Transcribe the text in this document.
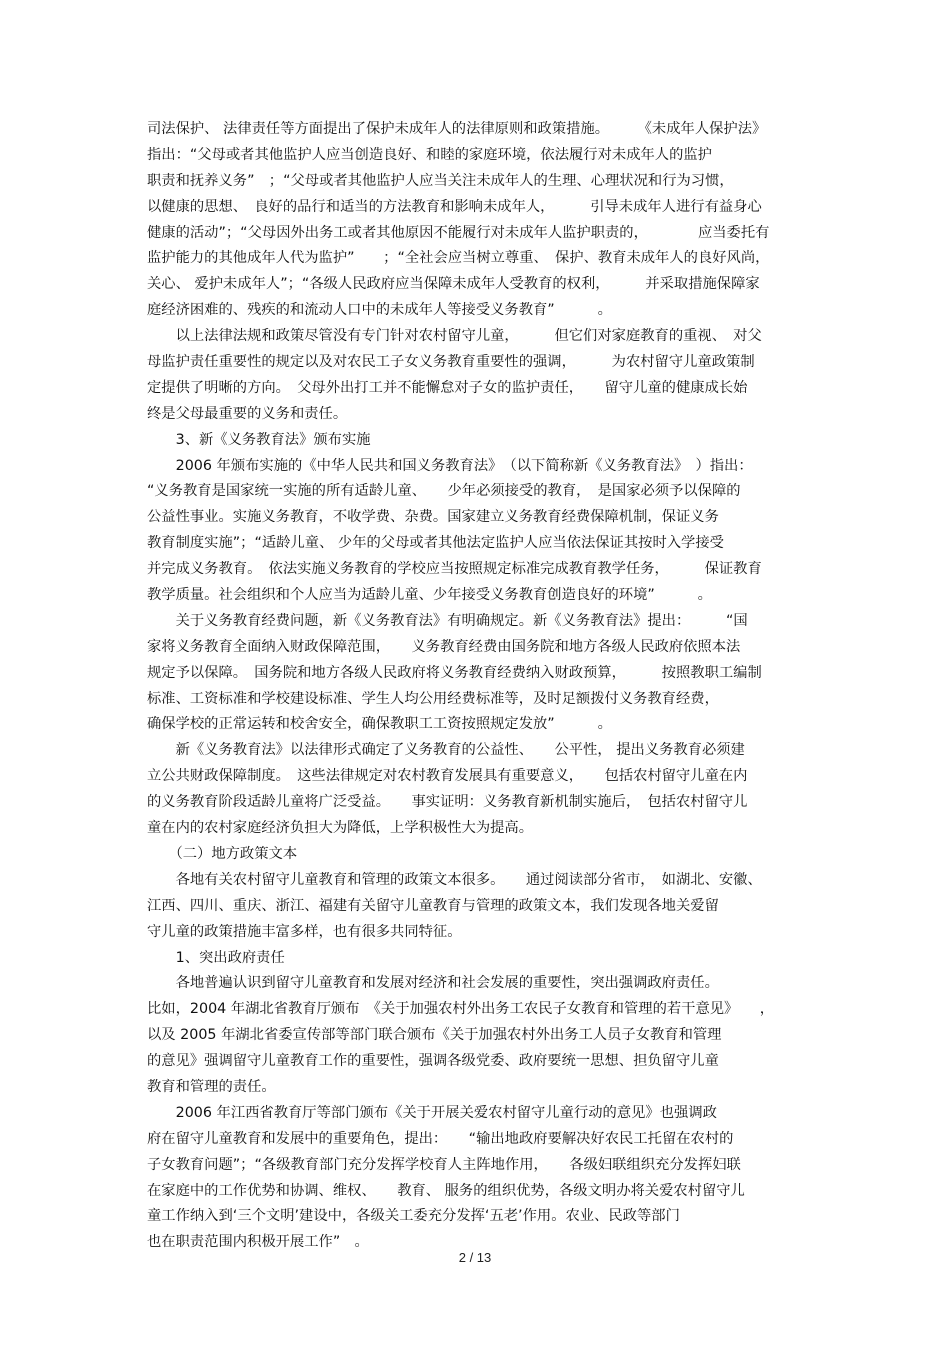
司法保护、 法律责任等方面提出了保护未成年人的法律原则和政策措施。　　　《未成年人保护法》
指出：“父母或者其他监护人应当创造良好、和睦的家庭环境，依法履行对未成年人的监护
职责和抚养义务”　；“父母或者其他监护人应当关注未成年人的生理、心理状况和行为习惯，
以健康的思想、　良好的品行和适当的方法教育和影响未成年人，　　　引导未成年人进行有益身心
健康的活动”；“父母因外出务工或者其他原因不能履行对未成年人监护职责的，　　　　应当委托有
监护能力的其他成年人代为监护”　　；“全社会应当树立尊重、　保护、教育未成年人的良好风尚，
关心、 爱护未成年人”；“各级人民政府应当保障未成年人受教育的权利，　　　并采取措施保障家
庭经济困难的、残疾的和流动人口中的未成年人等接受义务教育”　　　。
　　以上法律法规和政策尽管没有专门针对农村留守儿童，　　　但它们对家庭教育的重视、　对父
母监护责任重要性的规定以及对农民工子女义务教育重要性的强调，　　　为农村留守儿童政策制
定提供了明晰的方向。　父母外出打工并不能懈怠对子女的监护责任，　　留守儿童的健康成长始
终是父母最重要的义务和责任。
　　3、新《义务教育法》颁布实施
　　2006 年颁布实施的《中华人民共和国义务教育法》　（以下简称新《义务教育法》　）指出：
“义务教育是国家统一实施的所有适龄儿童、　　少年必须接受的教育，　是国家必须予以保障的
公益性事业。实施义务教育，不收学费、杂费。国家建立义务教育经费保障机制，保证义务
教育制度实施”；“适龄儿童、 少年的父母或者其他法定监护人应当依法保证其按时入学接受
并完成义务教育。　依法实施义务教育的学校应当按照规定标准完成教育教学任务，　　　保证教育
教学质量。社会组织和个人应当为适龄儿童、少年接受义务教育创造良好的环境”　　　。
　　关于义务教育经费问题，新《义务教育法》有明确规定。新《义务教育法》提出：　　　“国
家将义务教育全面纳入财政保障范围，　　义务教育经费由国务院和地方各级人民政府依照本法
规定予以保障。　国务院和地方各级人民政府将义务教育经费纳入财政预算，　　　按照教职工编制
标准、工资标准和学校建设标准、学生人均公用经费标准等，及时足额拨付义务教育经费，
确保学校的正常运转和校舍安全，确保教职工工资按照规定发放”　　　。
　　新《义务教育法》以法律形式确定了义务教育的公益性、　　公平性， 提出义务教育必须建
立公共财政保障制度。　这些法律规定对农村教育发展具有重要意义，　　包括农村留守儿童在内
的义务教育阶段适龄儿童将广泛受益。　　事实证明：义务教育新机制实施后，　包括农村留守儿
童在内的农村家庭经济负担大为降低，上学积极性大为提高。
　　（二）地方政策文本
　　各地有关农村留守儿童教育和管理的政策文本很多。　　通过阅读部分省市，　如湖北、安徽、
江西、四川、重庆、浙江、福建有关留守儿童教育与管理的政策文本，我们发现各地关爱留
守儿童的政策措施丰富多样，也有很多共同特征。
　　1、突出政府责任
　　各地普遍认识到留守儿童教育和发展对经济和社会发展的重要性，突出强调政府责任。
比如，2004 年湖北省教育厅颁布　《关于加强农村外出务工农民子女教育和管理的若干意见》　　，
以及 2005 年湖北省委宣传部等部门联合颁布《关于加强农村外出务工人员子女教育和管理
的意见》强调留守儿童教育工作的重要性，强调各级党委、政府要统一思想、担负留守儿童
教育和管理的责任。
　　2006 年江西省教育厅等部门颁布《关于开展关爱农村留守儿童行动的意见》也强调政
府在留守儿童教育和发展中的重要角色，提出：　　“输出地政府要解决好农民工托留在农村的
子女教育问题”；“各级教育部门充分发挥学校育人主阵地作用，　　各级妇联组织充分发挥妇联
在家庭中的工作优势和协调、维权、　　教育、 服务的组织优势，各级文明办将关爱农村留守儿
童工作纳入到‘三个文明’建设中，各级关工委充分发挥‘五老’作用。农业、民政等部门
也在职责范围内积极开展工作”　。
2 / 13
